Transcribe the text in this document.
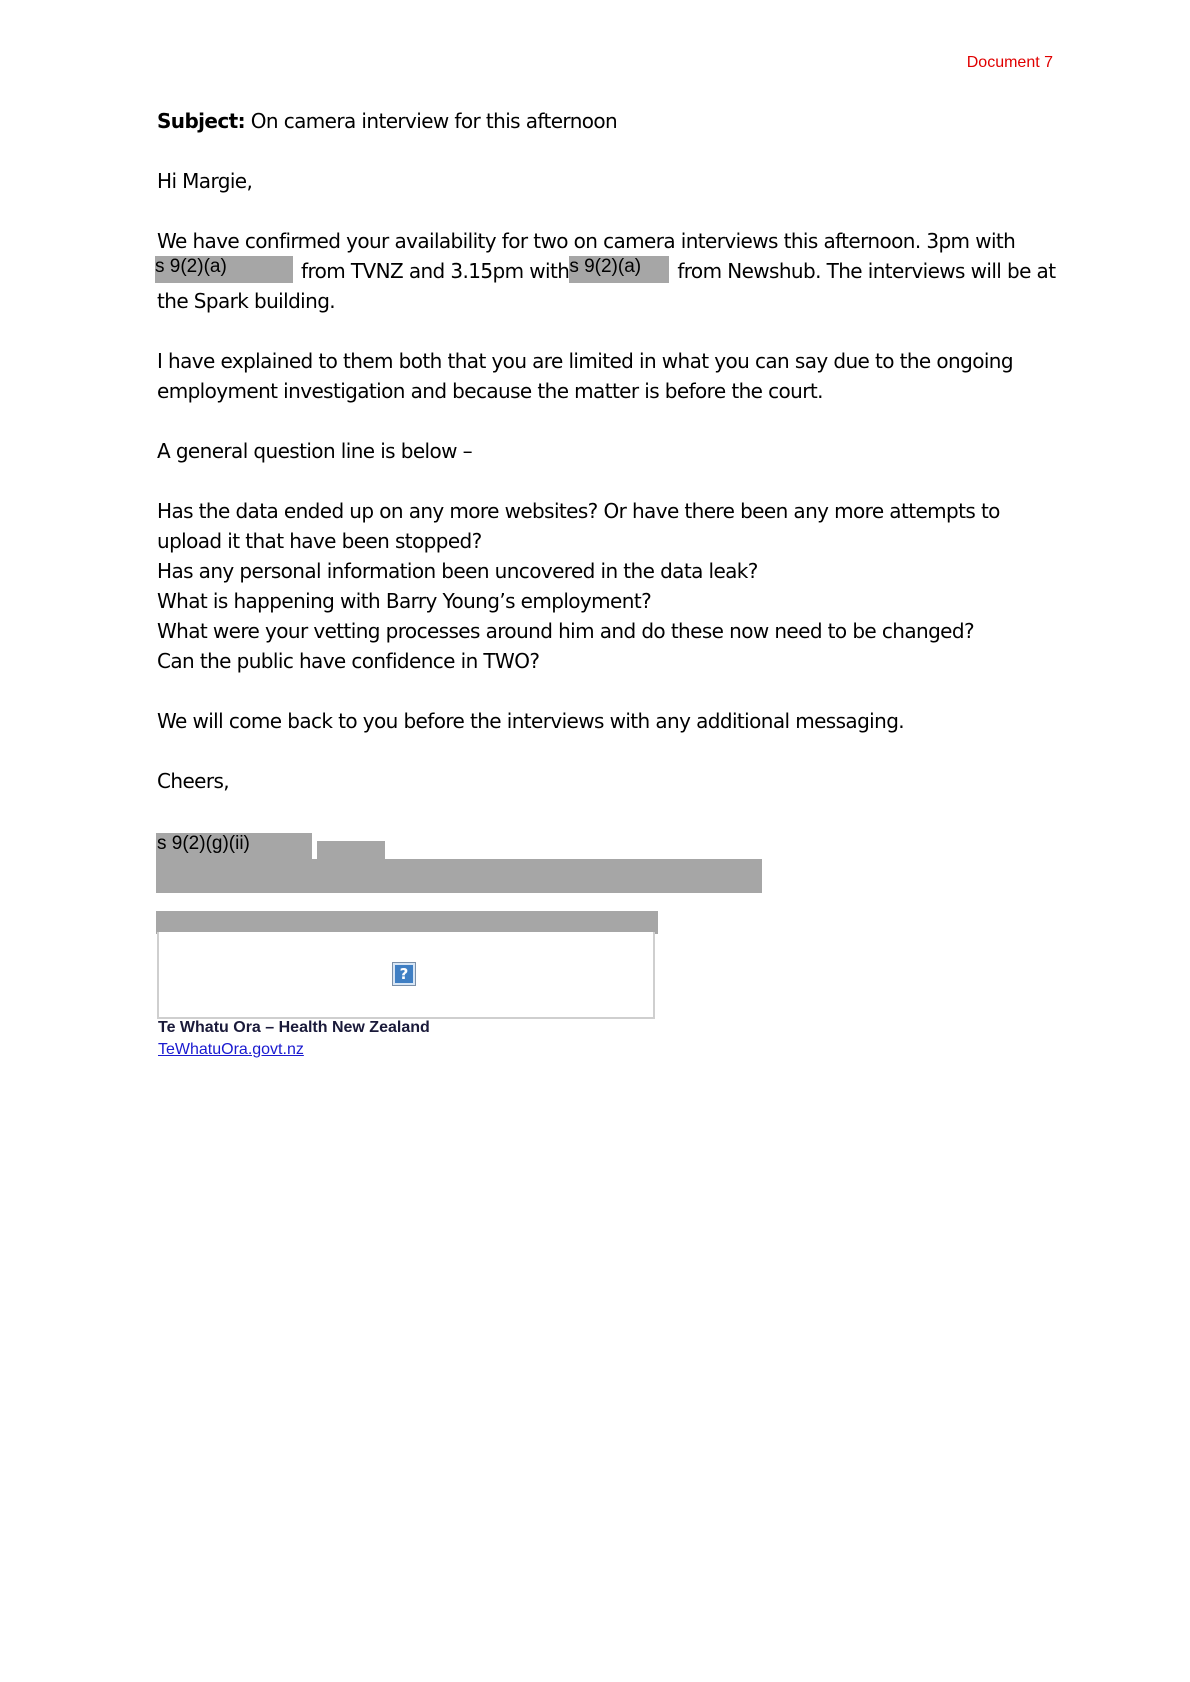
Document 7

Subject: On camera interview for this afternoon

Hi Margie,

We have confirmed your availability for two on camera interviews this afternoon. 3pm with
s 9(2)(a)	from TVNZ and 3.15pm withs 9(2)(a) from Newshub. The interviews will be at the Spark building.

I have explained to them both that you are limited in what you can say due to the ongoing employment investigation and because the matter is before the court.

A general question line is below –

Has the data ended up on any more websites? Or have there been any more attempts to upload it that have been stopped?

Has any personal information been uncovered in the data leak?

What is happening with Barry Young’s employment?

What were your vetting processes around him and do these now need to be changed?

Can the public have confidence in TWO?

We will come back to you before the interviews with any additional messaging.

Cheers,

s 9(2)(g)(ii)
?
Te Whatu Ora – Health New Zealand
TeWhatuOra.govt.nz
